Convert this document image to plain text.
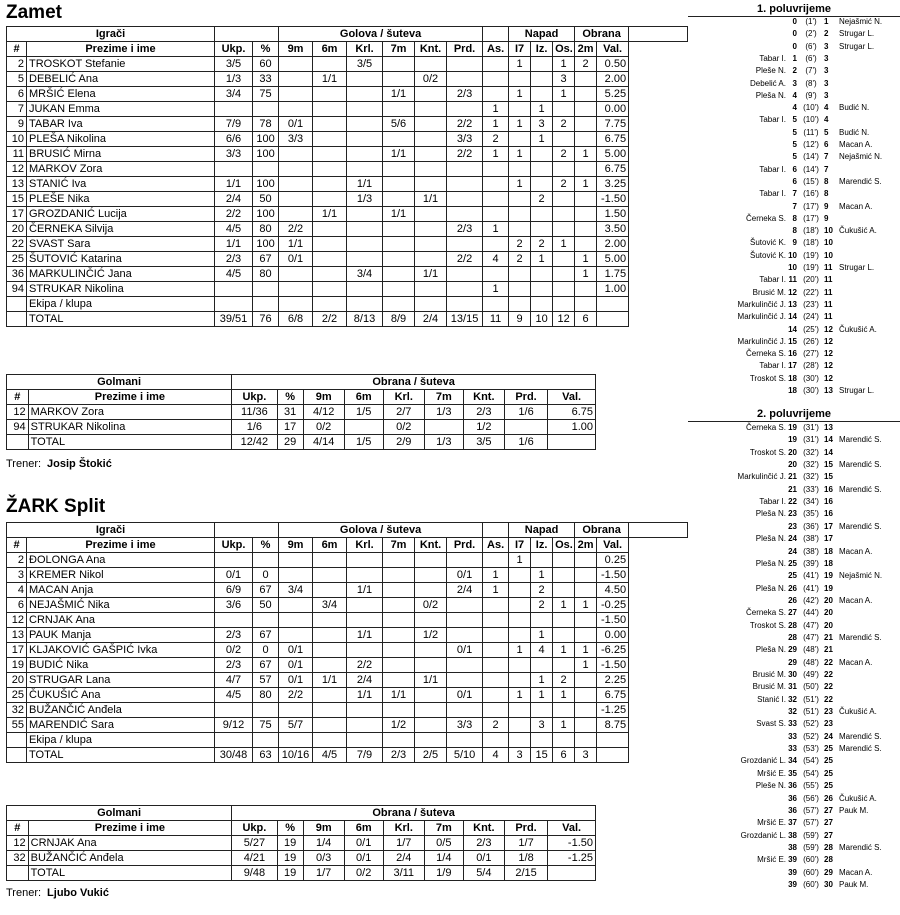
Zamet
Igrači				Golova / šuteva							Napad			Obrana		
#	Prezime i ime	Ukp.	%	9m	6m	Krl.	7m	Knt.	Prd.	As.	I7	Iz.	Os.	2m	Val.	
2	TROSKOT Stefanie	3/5	60			3/5					1		1	2	0.50	
5	DEBELIĆ Ana	1/3	33		1/1			0/2					3		2.00	
6	MRŠIĆ Elena	3/4	75				1/1		2/3		1		1		5.25	
7	JUKAN Emma									1		1			0.00	
9	TABAR Iva	7/9	78	0/1			5/6		2/2	1	1	3	2		7.75	
10	PLEŠA Nikolina	6/6	100	3/3					3/3	2		1			6.75	
11	BRUSIĆ Mirna	3/3	100				1/1		2/2	1	1		2	1	5.00	
12	MARKOV Zora														6.75	
13	STANIĆ Iva	1/1	100			1/1					1		2	1	3.25	
15	PLEŠE Nika	2/4	50			1/3		1/1				2			-1.50	
17	GROZDANIĆ Lucija	2/2	100		1/1		1/1								1.50	
20	ČERNEKA Silvija	4/5	80	2/2					2/3	1					3.50	
22	SVAST Sara	1/1	100	1/1							2	2	1		2.00	
25	ŠUTOVIĆ Katarina	2/3	67	0/1					2/2	4	2	1		1	5.00	
36	MARKULINČIĆ Jana	4/5	80			3/4		1/1						1	1.75	
94	STRUKAR Nikolina									1					1.00	
	Ekipa / klupa															
	TOTAL	39/51	76	6/8	2/2	8/13	8/9	2/4	13/15	11	9	10	12	6		
Golmani		Obrana / šuteva								
#	Prezime i ime	Ukp.	%	9m	6m	Krl.	7m	Knt.	Prd.	Val.
12	MARKOV Zora	11/36	31	4/12	1/5	2/7	1/3	2/3	1/6	6.75
94	STRUKAR Nikolina	1/6	17	0/2		0/2		1/2		1.00
	TOTAL	12/42	29	4/14	1/5	2/9	1/3	3/5	1/6	
Trener: Josip Štokić
ŽARK Split
Igrači				Golova / šuteva							Napad			Obrana		
#	Prezime i ime	Ukp.	%	9m	6m	Krl.	7m	Knt.	Prd.	As.	I7	Iz.	Os.	2m	Val.	
2	ĐOLONGA Ana										1				0.25	
3	KREMER Nikol	0/1	0						0/1	1		1			-1.50	
4	MACAN Anja	6/9	67	3/4		1/1			2/4	1		2			4.50	
6	NEJAŠMIĆ Nika	3/6	50		3/4			0/2				2	1	1	-0.25	
12	CRNJAK Ana														-1.50	
13	PAUK Manja	2/3	67			1/1		1/2				1			0.00	
17	KLJAKOVIĆ GAŠPIĆ Ivka	0/2	0	0/1					0/1		1	4	1	1	-6.25	
19	BUDIĆ Nika	2/3	67	0/1		2/2								1	-1.50	
20	STRUGAR Lana	4/7	57	0/1	1/1	2/4		1/1				1	2		2.25	
25	ČUKUŠIĆ Ana	4/5	80	2/2		1/1	1/1		0/1		1	1	1		6.75	
32	BUŽANČIĆ Anđela														-1.25	
55	MARENDIĆ Sara	9/12	75	5/7			1/2		3/3	2		3	1		8.75	
	Ekipa / klupa															
	TOTAL	30/48	63	10/16	4/5	7/9	2/3	2/5	5/10	4	3	15	6	3		
Golmani		Obrana / šuteva								
#	Prezime i ime	Ukp.	%	9m	6m	Krl.	7m	Knt.	Prd.	Val.
12	CRNJAK Ana	5/27	19	1/4	0/1	1/7	0/5	2/3	1/7	-1.50
32	BUŽANČIĆ Anđela	4/21	19	0/3	0/1	2/4	1/4	0/1	1/8	-1.25
	TOTAL	9/48	19	1/7	0/2	3/11	1/9	5/4	2/15	
Trener: Ljubo Vukić
1. poluvrijeme
2. poluvrijeme
0	(1') 1	Nejašmić N.
0	(2') 2	Strugar L.
0	(6') 3	Strugar L.
Tabar I. 1	(6') 3
Pleše N. 2	(7') 3
Debelić A. 3	(8') 3
Pleša N. 4	(9') 3
4 (10') 4	Budić N.
Tabar I. 5 (10') 4
5 (11') 5	Budić N.
5 (12') 6	Macan A.
5 (14') 7	Nejašmić N.
Tabar I. 6 (14') 7
6 (15') 8	Marendić S.
Tabar I. 7 (16') 8
7 (17') 9	Macan A.
Černeka S. 8 (17') 9
8 (18') 10 Čukušić A.
Šutović K. 9 (18') 10
Šutović K. 10 (19') 10
10 (19') 11 Strugar L.
Tabar I. 11 (20') 11
Brusić M. 12 (22') 11
Markulinčić J. 13 (23') 11
Markulinčić J. 14 (24') 11
14 (25') 12 Čukušić A.
Markulinčić J. 15 (26') 12
Černeka S. 16 (27') 12
Tabar I. 17 (28') 12
Troskot S. 18 (30') 12
18 (30') 13 Strugar L.
Černeka S. 19 (31') 13
19 (31') 14 Marendić S.
Troskot S. 20 (32') 14
20 (32') 15 Marendić S.
Markulinčić J. 21 (32') 15
21 (33') 16 Marendić S.
Tabar I. 22 (34') 16
Pleša N. 23 (35') 16
23 (36') 17 Marendić S.
Pleša N. 24 (38') 17
24 (38') 18 Macan A.
Pleša N. 25 (39') 18
25 (41') 19 Nejašmić N.
Pleša N. 26 (41') 19
26 (42') 20 Macan A.
Černeka S. 27 (44') 20
Troskot S. 28 (47') 20
28 (47') 21 Marendić S.
Pleša N. 29 (48') 21
29 (48') 22 Macan A.
Brusić M. 30 (49') 22
Brusić M. 31 (50') 22
Stanić I. 32 (51') 22
32 (51') 23 Čukušić A.
Svast S. 33 (52') 23
33 (52') 24 Marendić S.
33 (53') 25 Marendić S.
Grozdanić L. 34 (54') 25
Mršić E. 35 (54') 25
Pleše N. 36 (55') 25
36 (56') 26 Čukušić A.
36 (57') 27 Pauk M.
Mršić E. 37 (57') 27
Grozdanić L. 38 (59') 27
38 (59') 28 Marendić S.
Mršić E. 39 (60') 28
39 (60') 29 Macan A.
39 (60') 30 Pauk M.
